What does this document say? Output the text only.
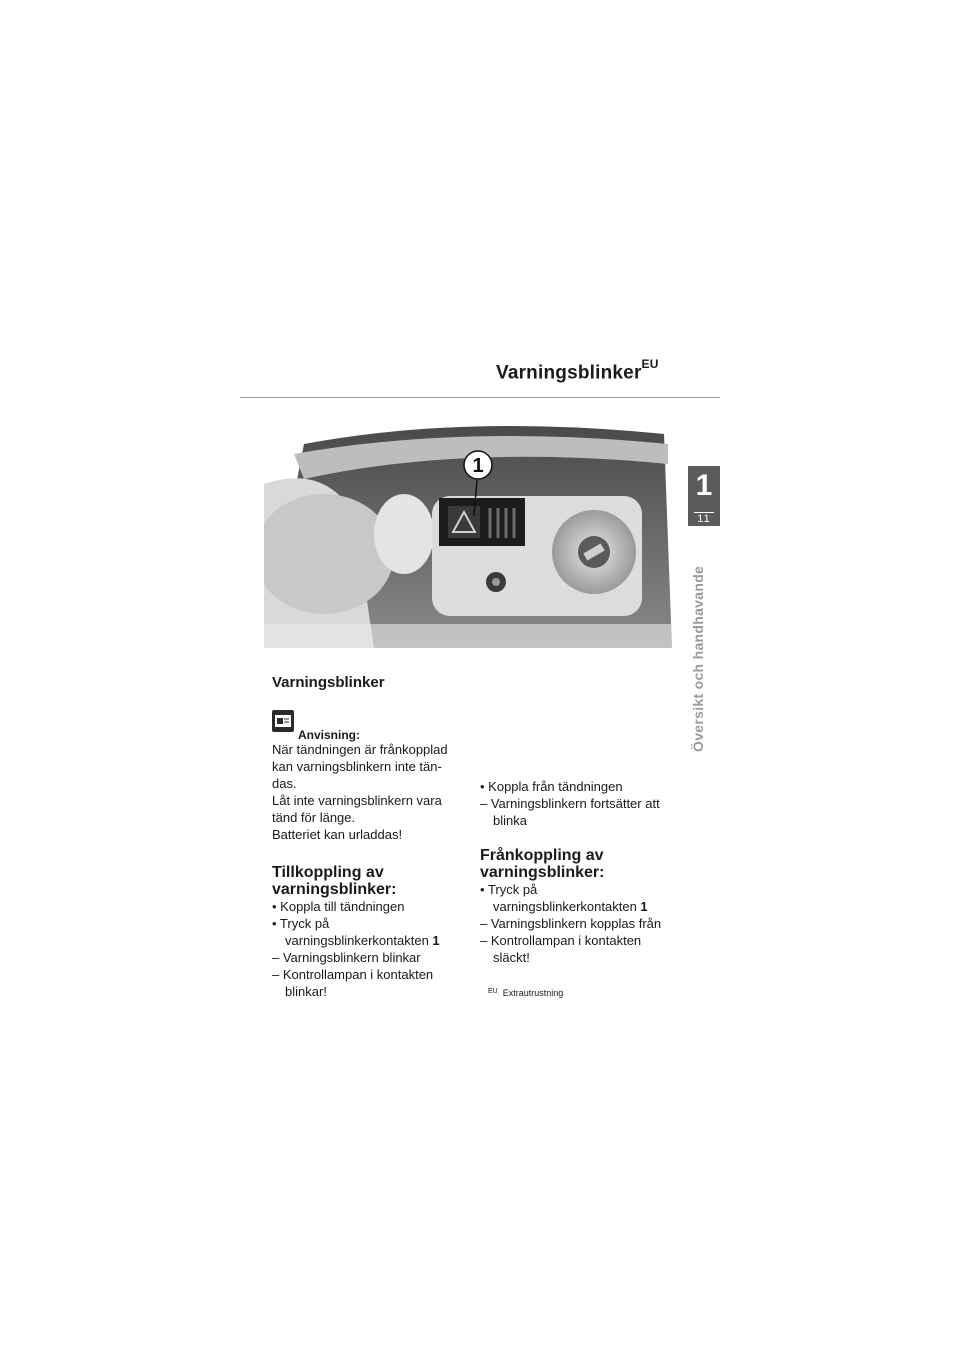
Varningsblinker$^{EU}$
1
11
Översikt och handhavande
1
Varningsblinker
Anvisning:
När tändningen är frånkopplad
kan varningsblinkern inte tän-
das.
Låt inte varningsblinkern vara
tänd för länge.
Batteriet kan urladdas!
Tillkoppling av
varningsblinker:
• Koppla till tändningen
• Tryck på
varningsblinkerkontakten 1
– Varningsblinkern blinkar
– Kontrollampan i kontakten
blinkar!
• Koppla från tändningen
– Varningsblinkern fortsätter att
blinka
Frånkoppling av
varningsblinker:
• Tryck på
varningsblinkerkontakten 1
– Varningsblinkern kopplas från
– Kontrollampan i kontakten
släckt!
$^{EU}$ Extrautrustning
